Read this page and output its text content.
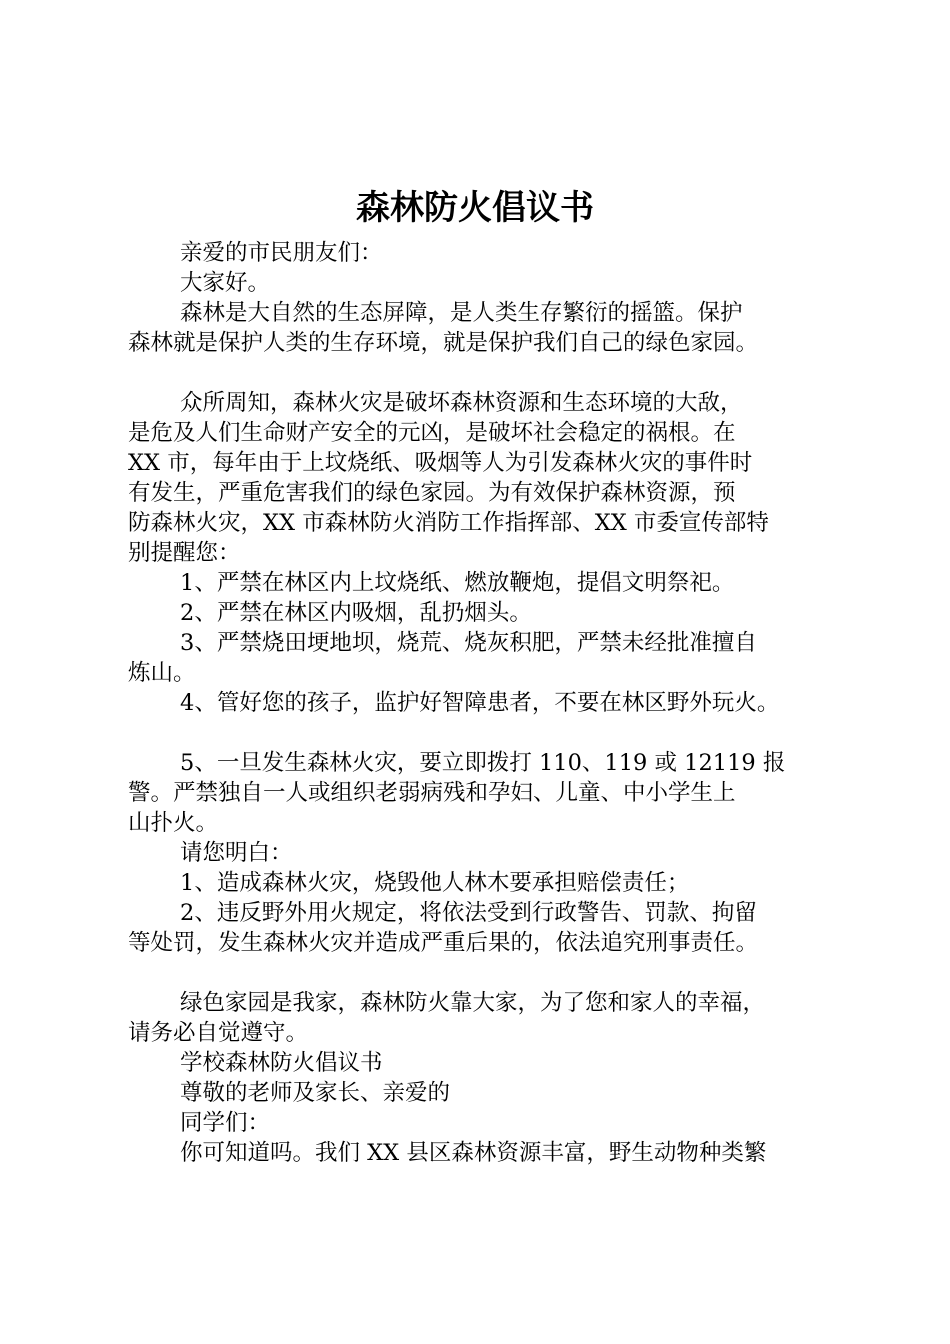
森林防火倡议书
亲爱的市民朋友们：
大家好。
森林是大自然的生态屏障，是人类生存繁衍的摇篮。保护
森林就是保护人类的生存环境，就是保护我们自己的绿色家园。
众所周知，森林火灾是破坏森林资源和生态环境的大敌，
是危及人们生命财产安全的元凶，是破坏社会稳定的祸根。在
XX 市，每年由于上坟烧纸、吸烟等人为引发森林火灾的事件时
有发生，严重危害我们的绿色家园。为有效保护森林资源，预
防森林火灾，XX 市森林防火消防工作指挥部、XX 市委宣传部特
别提醒您：
1、严禁在林区内上坟烧纸、燃放鞭炮，提倡文明祭祀。
2、严禁在林区内吸烟，乱扔烟头。
3、严禁烧田埂地坝，烧荒、烧灰积肥，严禁未经批准擅自
炼山。
4、管好您的孩子，监护好智障患者，不要在林区野外玩火。
5、一旦发生森林火灾，要立即拨打 110、119 或 12119 报
警。严禁独自一人或组织老弱病残和孕妇、儿童、中小学生上
山扑火。
请您明白：
1、造成森林火灾，烧毁他人林木要承担赔偿责任；
2、违反野外用火规定，将依法受到行政警告、罚款、拘留
等处罚，发生森林火灾并造成严重后果的，依法追究刑事责任。
绿色家园是我家，森林防火靠大家，为了您和家人的幸福，
请务必自觉遵守。
学校森林防火倡议书
尊敬的老师及家长、亲爱的
同学们：
你可知道吗。我们 XX 县区森林资源丰富，野生动物种类繁
